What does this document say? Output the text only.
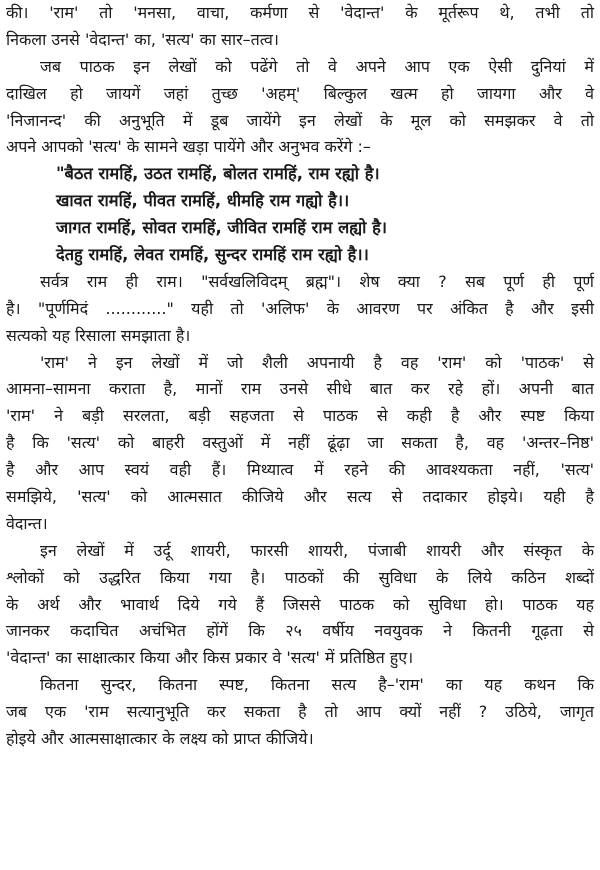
की। 'राम' तो 'मनसा, वाचा, कर्मणा से 'वेदान्त' के मूर्तरूप थे, तभी तो
निकला उनसे 'वेदान्त' का, 'सत्य' का सार–तत्व।
जब पाठक इन लेखों को पढेंगे तो वे अपने आप एक ऐसी दुनियां में
दाखिल हो जायगें जहां तुच्छ 'अहम्' बिल्कुल खत्म हो जायगा और वे
'निजानन्द' की अनुभूति में डूब जायेंगे इन लेखों के मूल को समझकर वे तो
अपने आपको 'सत्य' के सामने खड़ा पायेंगे और अनुभव करेंगे :–
"बैठत रामहिं, उठत रामहिं, बोलत रामहिं, राम रह्यो है।
खावत रामहिं, पीवत रामहिं, धीमहि राम गह्यो है।।
जागत रामहिं, सोवत रामहिं, जीवित रामहिं राम लह्यो है।
देतहु रामहिं, लेवत रामहिं, सुन्दर रामहिं राम रह्यो है।।
सर्वत्र राम ही राम। "सर्वखलिविदम् ब्रह्म"। शेष क्या ? सब पूर्ण ही पूर्ण
है। "पूर्णमिदं ............" यही तो 'अलिफ' के आवरण पर अंकित है और इसी
सत्यको यह रिसाला समझाता है।
'राम' ने इन लेखों में जो शैली अपनायी है वह 'राम' को 'पाठक' से
आमना–सामना कराता है, मानों राम उनसे सीधे बात कर रहे हों। अपनी बात
'राम' ने बड़ी सरलता, बड़ी सहजता से पाठक से कही है और स्पष्ट किया
है कि 'सत्य' को बाहरी वस्तुओं में नहीं ढूंढ़ा जा सकता है, वह 'अन्तर–निष्ठ'
है और आप स्वयं वही हैं। मिथ्यात्व में रहने की आवश्यकता नहीं, 'सत्य'
समझिये, 'सत्य' को आत्मसात कीजिये और सत्य से तदाकार होइये। यही है
वेदान्त।
इन लेखों में उर्दू शायरी, फारसी शायरी, पंजाबी शायरी और संस्कृत के
श्लोकों को उद्धरित किया गया है। पाठकों की सुविधा के लिये कठिन शब्दों
के अर्थ और भावार्थ दिये गये हैं जिससे पाठक को सुविधा हो। पाठक यह
जानकर कदाचित अचंभित होंगें कि २५ वर्षीय नवयुवक ने कितनी गूढ़ता से
'वेदान्त' का साक्षात्कार किया और किस प्रकार वे 'सत्य' में प्रतिष्ठित हुए।
कितना सुन्दर, कितना स्पष्ट, कितना सत्य है–'राम' का यह कथन कि
जब एक 'राम सत्यानुभूति कर सकता है तो आप क्यों नहीं ? उठिये, जागृत
होइये और आत्मसाक्षात्कार के लक्ष्य को प्राप्त कीजिये।
